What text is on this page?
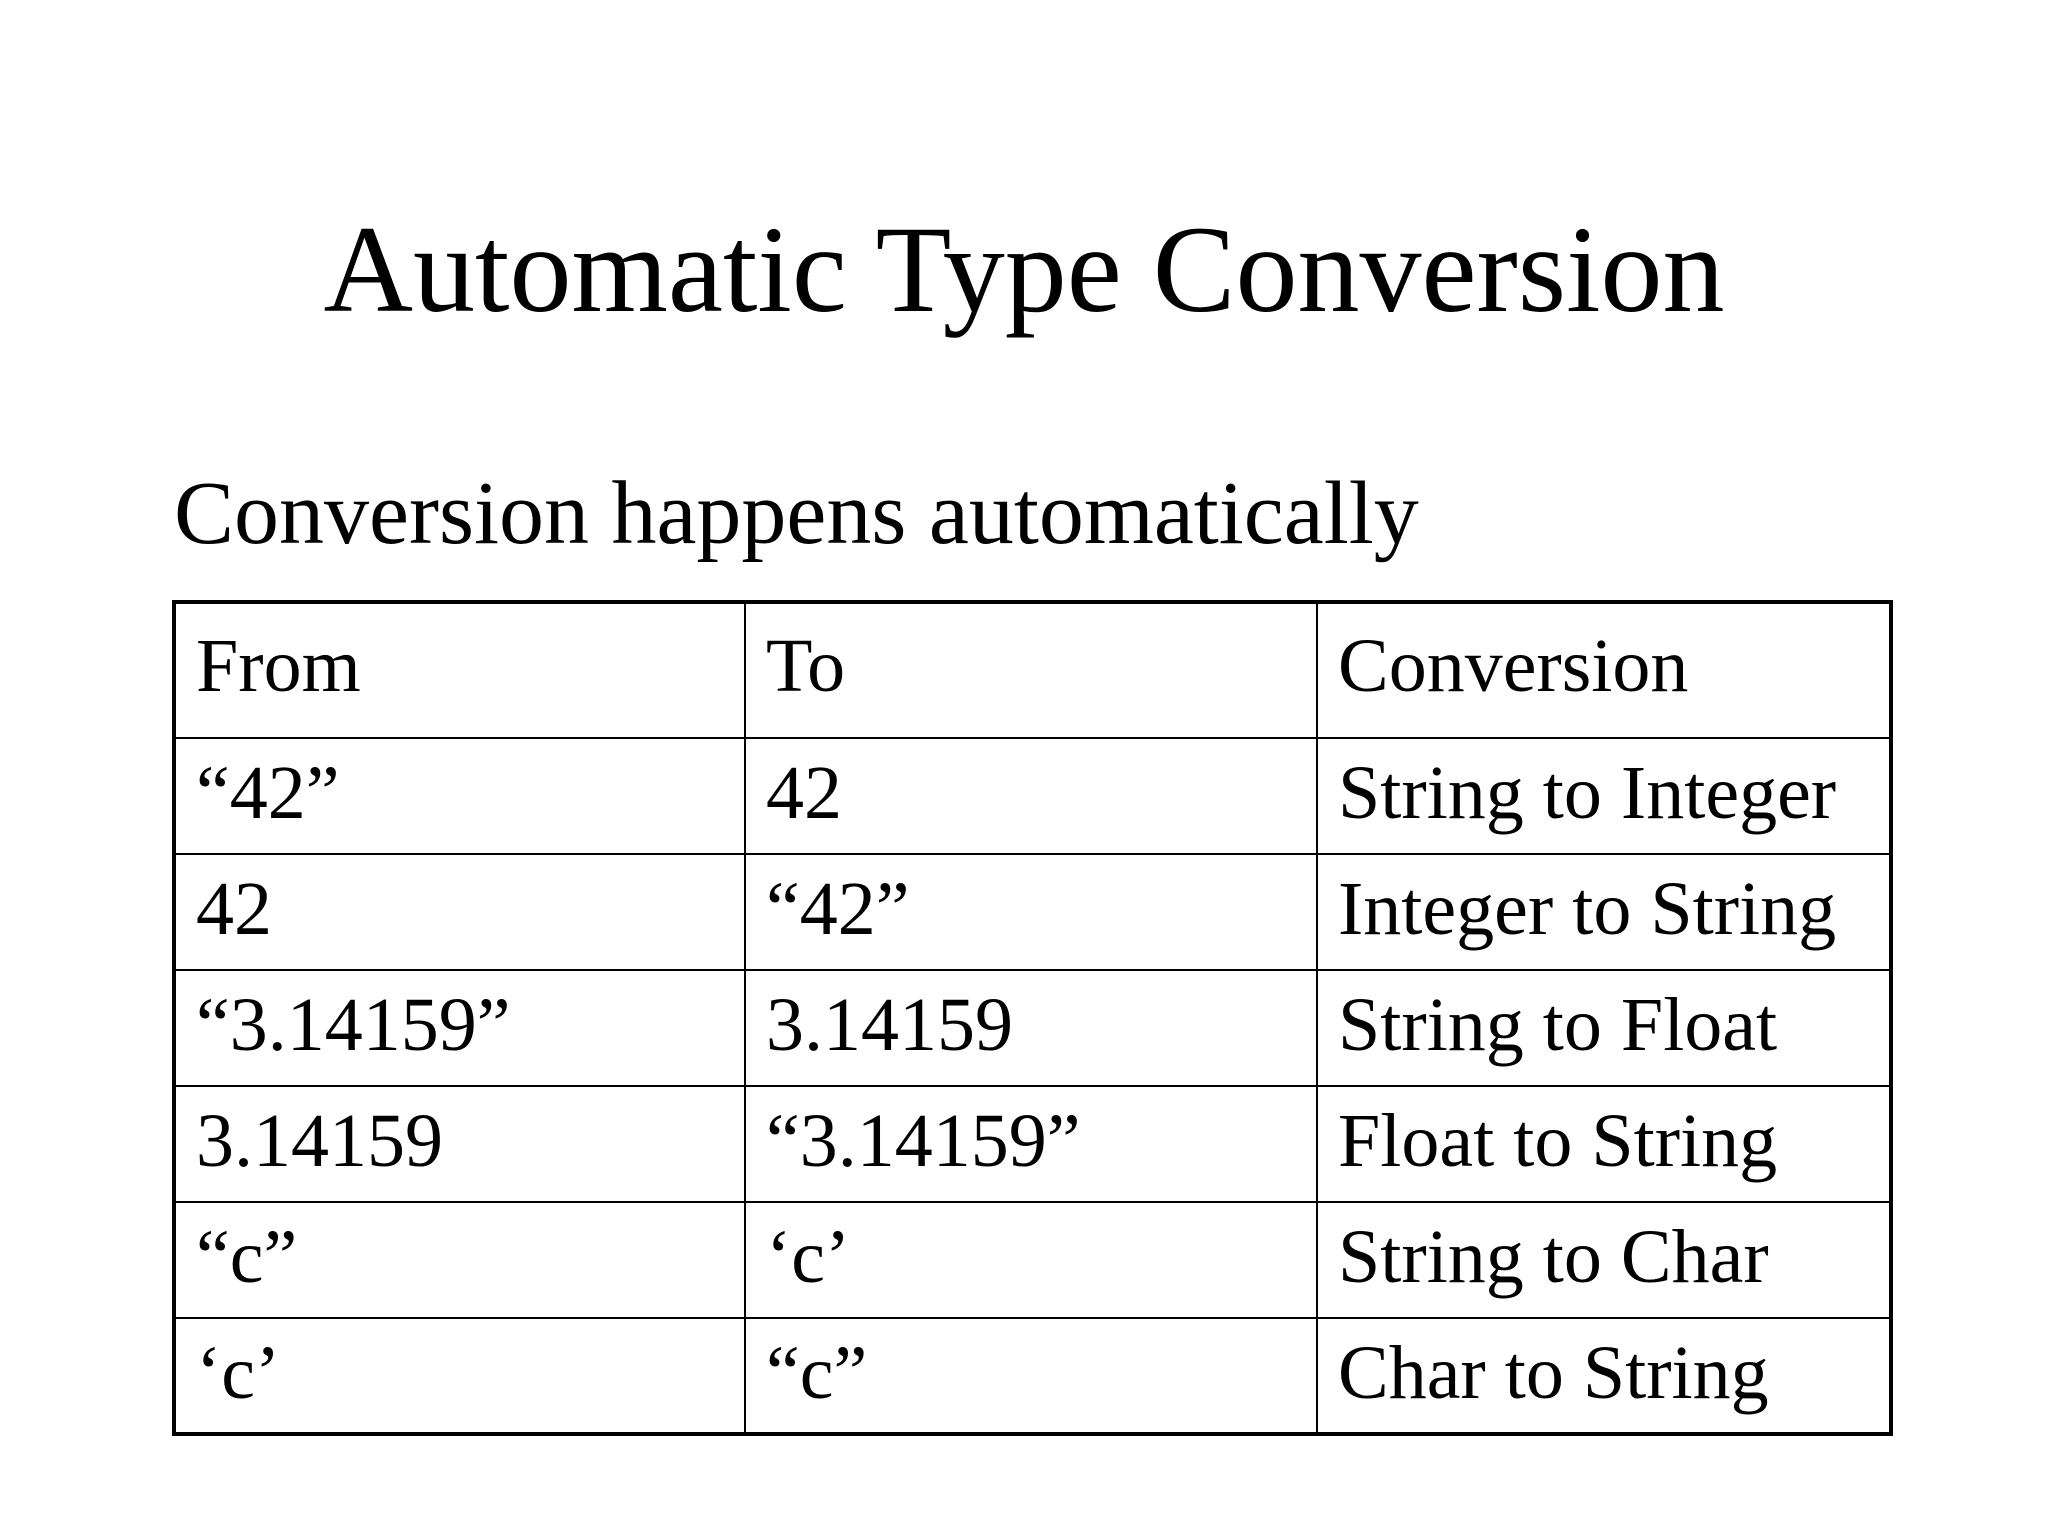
Automatic Type Conversion
Conversion happens automatically
From	To	Conversion
“42”	42	String to Integer
42	“42”	Integer to String
“3.14159”	3.14159	String to Float
3.14159	“3.14159”	Float to String
“c”	‘c’	String to Char
‘c’	“c”	Char to String
